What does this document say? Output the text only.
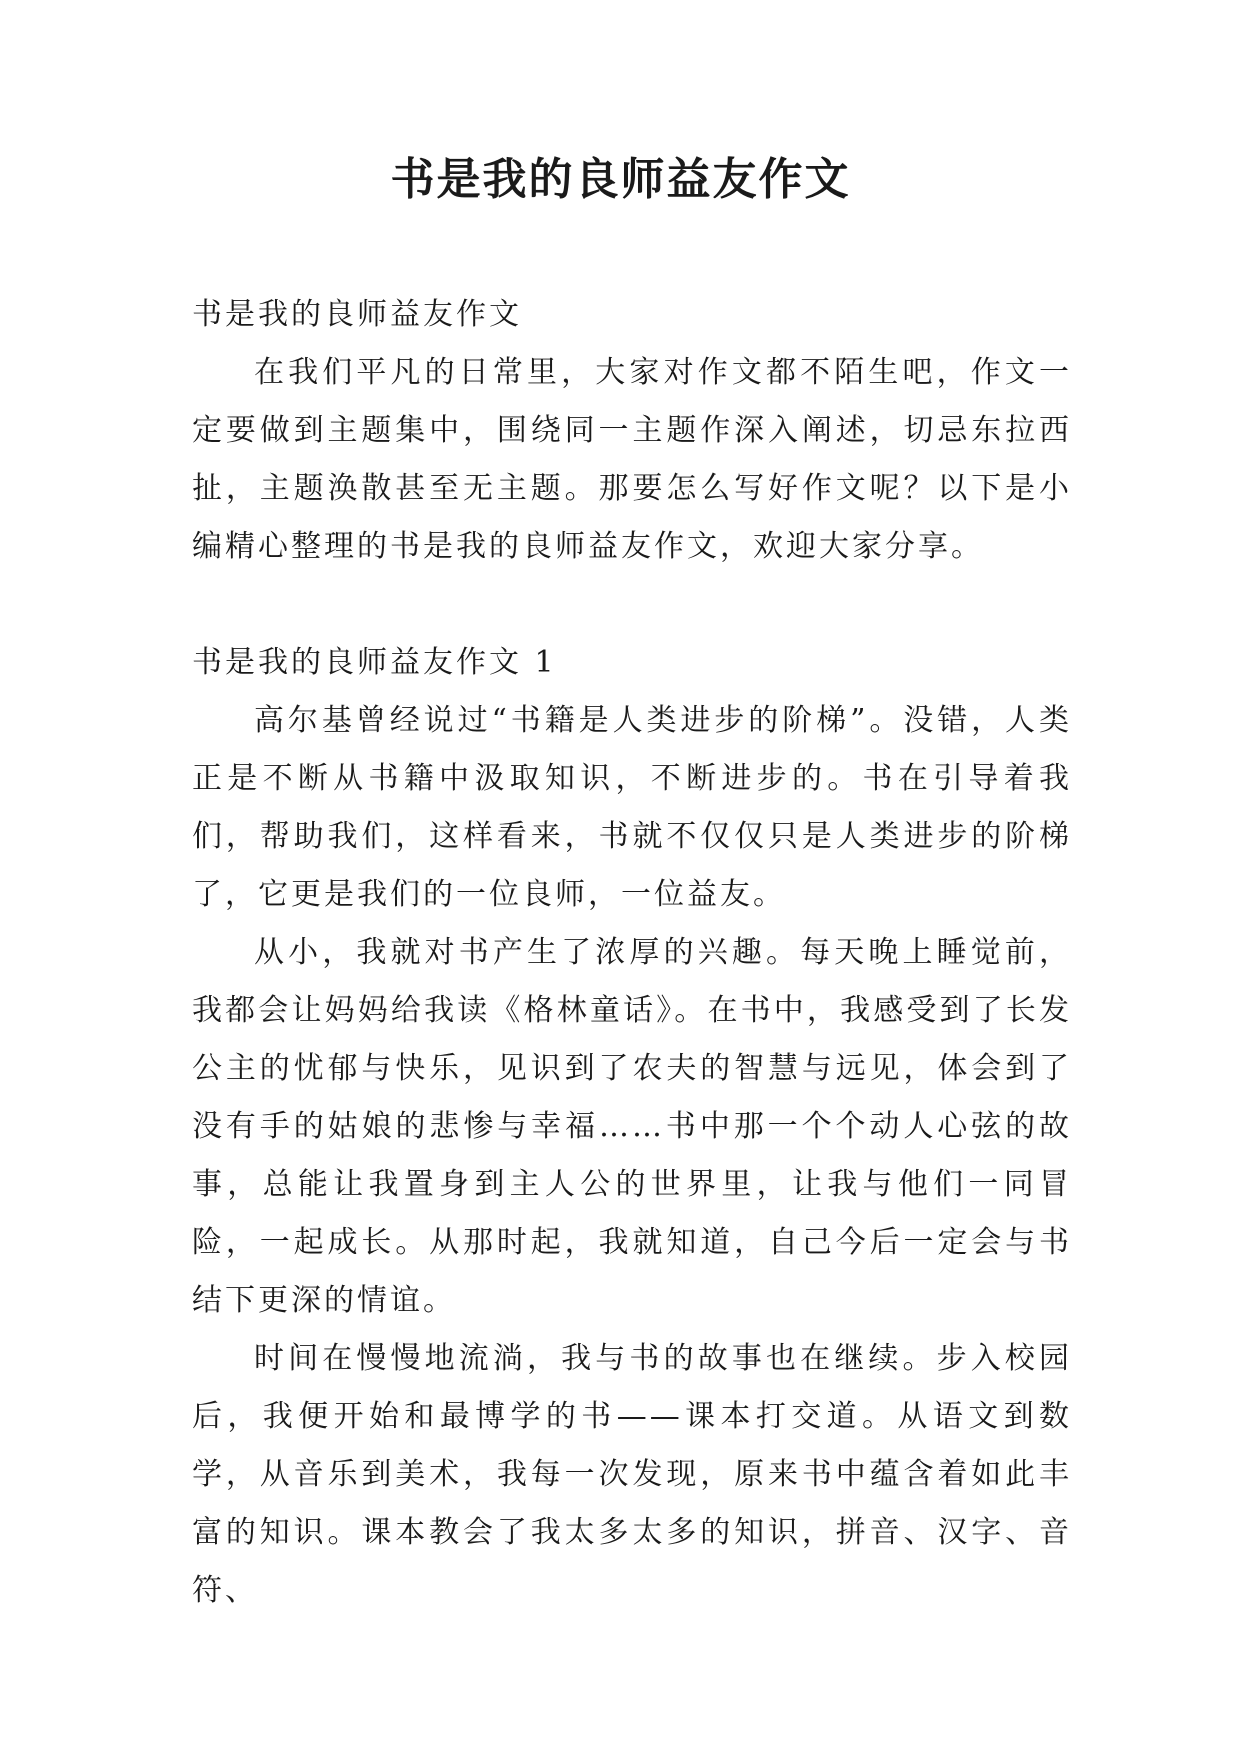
书是我的良师益友作文

书是我的良师益友作文

在我们平凡的日常里，大家对作文都不陌生吧，作文一定要做到主题集中，围绕同一主题作深入阐述，切忌东拉西扯，主题涣散甚至无主题。那要怎么写好作文呢？以下是小编精心整理的书是我的良师益友作文，欢迎大家分享。

书是我的良师益友作文 1

高尔基曾经说过“书籍是人类进步的阶梯”。没错，人类正是不断从书籍中汲取知识，不断进步的。书在引导着我们，帮助我们，这样看来，书就不仅仅只是人类进步的阶梯了，它更是我们的一位良师，一位益友。

从小，我就对书产生了浓厚的兴趣。每天晚上睡觉前，我都会让妈妈给我读《格林童话》。在书中，我感受到了长发公主的忧郁与快乐，见识到了农夫的智慧与远见，体会到了没有手的姑娘的悲惨与幸福……书中那一个个动人心弦的故事，总能让我置身到主人公的世界里，让我与他们一同冒险，一起成长。从那时起，我就知道，自己今后一定会与书结下更深的情谊。

时间在慢慢地流淌，我与书的故事也在继续。步入校园后，我便开始和最博学的书——课本打交道。从语文到数学，从音乐到美术，我每一次发现，原来书中蕴含着如此丰富的知识。课本教会了我太多太多的知识，拼音、汉字、音符、
